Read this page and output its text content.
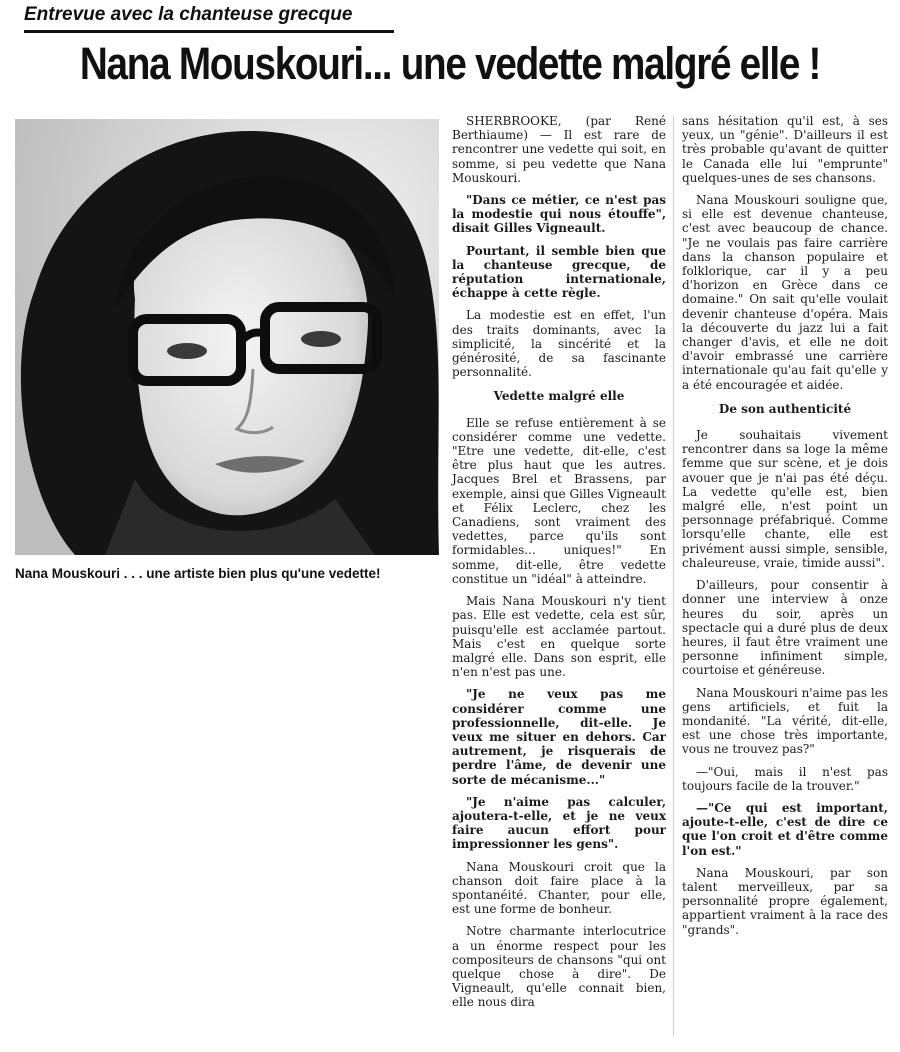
Entrevue avec la chanteuse grecque
Nana Mouskouri... une vedette malgré elle !
Nana Mouskouri . . . une artiste bien plus qu'une vedette!

SHERBROOKE, (par René Berthiaume) — Il est rare de rencontrer une vedette qui soit, en somme, si peu vedette que Nana Mouskouri.

"Dans ce métier, ce n'est pas la modestie qui nous étouffe", disait Gilles Vigneault.

Pourtant, il semble bien que la chanteuse grecque, de réputation internationale, échappe à cette règle.

La modestie est en effet, l'un des traits dominants, avec la simplicité, la sincérité et la générosité, de sa fascinante personnalité.

Vedette malgré elle

Elle se refuse entièrement à se considérer comme une vedette. "Etre une vedette, dit-elle, c'est être plus haut que les autres. Jacques Brel et Brassens, par exemple, ainsi que Gilles Vigneault et Félix Leclerc, chez les Canadiens, sont vraiment des vedettes, parce qu'ils sont formidables... uniques!" En somme, dit-elle, être vedette constitue un "idéal" à atteindre.

Mais Nana Mouskouri n'y tient pas. Elle est vedette, cela est sûr, puisqu'elle est acclamée partout. Mais c'est en quelque sorte malgré elle. Dans son esprit, elle n'en n'est pas une.

"Je ne veux pas me considérer comme une professionnelle, dit-elle. Je veux me situer en dehors. Car autrement, je risquerais de perdre l'âme, de devenir une sorte de mécanisme..."

"Je n'aime pas calculer, ajoutera-t-elle, et je ne veux faire aucun effort pour impressionner les gens".

Nana Mouskouri croit que la chanson doit faire place à la spontanéité. Chanter, pour elle, est une forme de bonheur.

Notre charmante interlocutrice a un énorme respect pour les compositeurs de chansons "qui ont quelque chose à dire". De Vigneault, qu'elle connait bien, elle nous dira

sans hésitation qu'il est, à ses yeux, un "génie". D'ailleurs il est très probable qu'avant de quitter le Canada elle lui "emprunte" quelques-unes de ses chansons.

Nana Mouskouri souligne que, si elle est devenue chanteuse, c'est avec beaucoup de chance. "Je ne voulais pas faire carrière dans la chanson populaire et folklorique, car il y a peu d'horizon en Grèce dans ce domaine." On sait qu'elle voulait devenir chanteuse d'opéra. Mais la découverte du jazz lui a fait changer d'avis, et elle ne doit d'avoir embrassé une carrière internationale qu'au fait qu'elle y a été encouragée et aidée.

De son authenticité

Je souhaitais vivement rencontrer dans sa loge la même femme que sur scène, et je dois avouer que je n'ai pas été déçu. La vedette qu'elle est, bien malgré elle, n'est point un personnage préfabriqué. Comme lorsqu'elle chante, elle est privément aussi simple, sensible, chaleureuse, vraie, timide aussi".

D'ailleurs, pour consentir à donner une interview à onze heures du soir, après un spectacle qui a duré plus de deux heures, il faut être vraiment une personne infiniment simple, courtoise et généreuse.

Nana Mouskouri n'aime pas les gens artificiels, et fuit la mondanité. "La vérité, dit-elle, est une chose très importante, vous ne trouvez pas?"

—"Oui, mais il n'est pas toujours facile de la trouver."

—"Ce qui est important, ajoute-t-elle, c'est de dire ce que l'on croit et d'être comme l'on est."

Nana Mouskouri, par son talent merveilleux, par sa personnalité propre également, appartient vraiment à la race des "grands".
